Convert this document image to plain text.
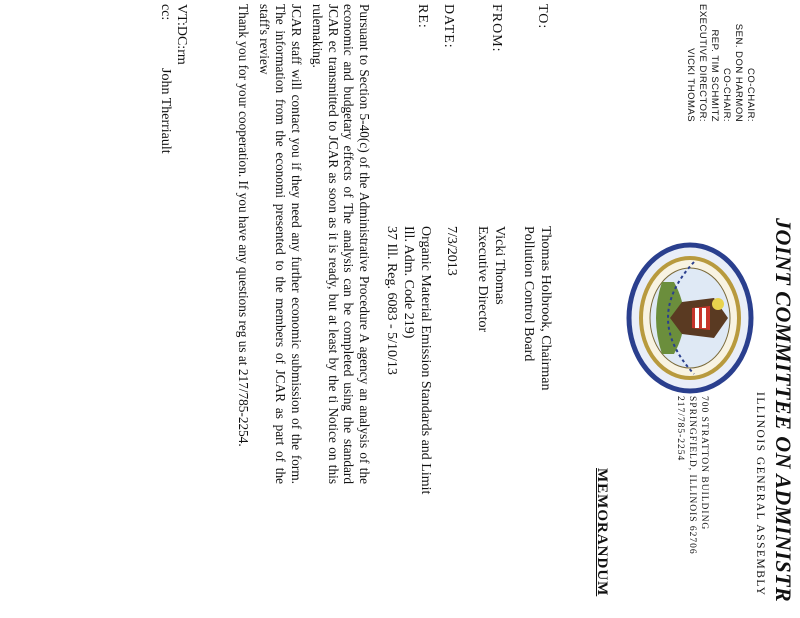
CO-CHAIR:
SEN. DON HARMON
CO-CHAIR:
REP. TIM SCHMITZ
EXECUTIVE DIRECTOR:
VICKI THOMAS
JOINT COMMITTEE ON ADMINISTR
ILLINOIS GENERAL ASSEMBLY
700 STRATTON BUILDING
SPRINGFIELD, ILLINOIS 62706
217/785-2254
MEMORANDUM
TO:
Thomas Holbrook, Chairman
Pollution Control Board
FROM:
Vicki Thomas
Executive Director
DATE:
7/3/2013
RE:
Organic Material Emission Standards and Limit
Ill. Adm. Code 219)
37 Ill. Reg. 6083 - 5/10/13

Pursuant to Section 5-40(c) of the Administrative Procedure A agency an analysis of the economic and budgetary effects of The analysis can be completed using the standard JCAR ec transmitted to JCAR as soon as it is ready, but at least by the ti Notice on this rulemaking.

JCAR staff will contact you if they need any further economic submission of the form. The information from the economi presented to the members of JCAR as part of the staff's review

Thank you for your cooperation. If you have any questions reg us at 217/785-2254.

VT:DC:rm
cc:
John Therriault
